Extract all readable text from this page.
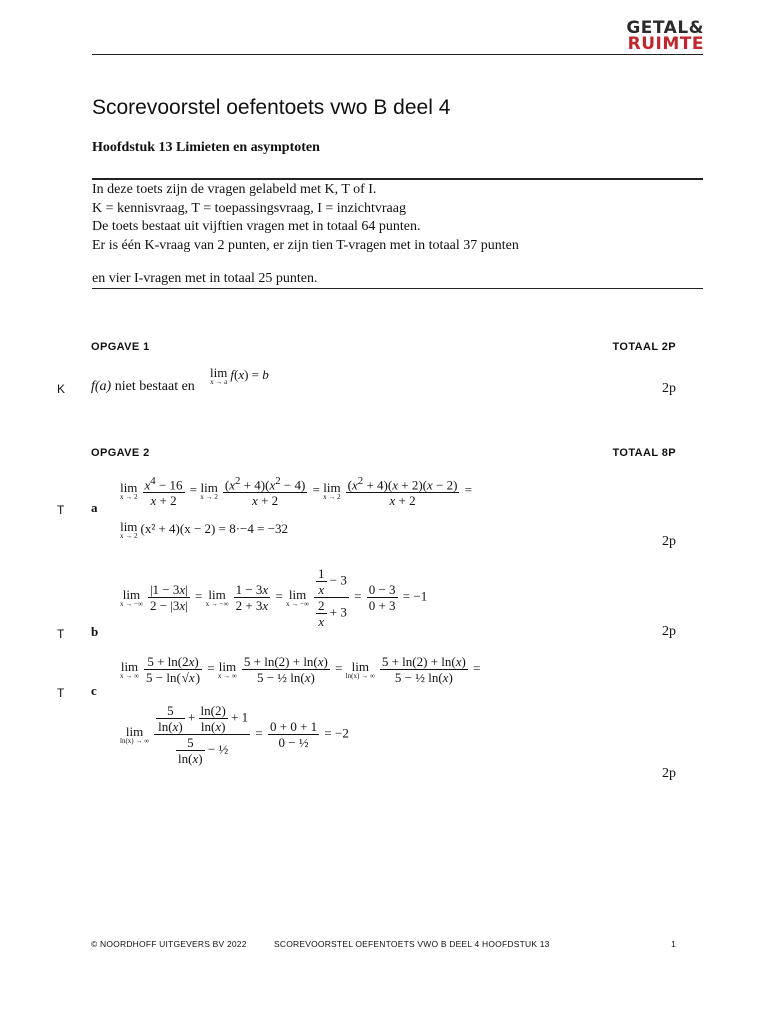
GETAL&
RUIMTE
Scorevoorstel oefentoets vwo B deel 4
Hoofdstuk 13 Limieten en asymptoten
In deze toets zijn de vragen gelabeld met K, T of I.
K = kennisvraag, T = toepassingsvraag, I = inzichtvraag
De toets bestaat uit vijftien vragen met in totaal 64 punten.
Er is één K-vraag van 2 punten, er zijn tien T-vragen met in totaal 37 punten
en vier I-vragen met in totaal 25 punten.
OPGAVE 1	TOTAAL 2P
K f(a) niet bestaat en
lim
x → a
f(x) = b
2p
OPGAVE 2	TOTAAL 8P
T a
lim
$x \to 2 \frac{x^4 - 16}{x + 2} = \lim$
$x \to 2 \frac{(x^2 + 4)(x^2 - 4)}{x + 2} = \lim$
$x \to 2 \frac{(x^2 + 4)(x + 2)(x - 2)}{x + 2}$ =
lim
x → 2
(x² + 4)(x − 2) = 8·−4 = −32
2p
lim
x → −∞ $\frac{|1 - 3x|}{2 - |3x|} = \lim$
x → −∞ $\frac{1 - 3x}{2 + 3x} = \lim$
x → −∞ $\frac{\frac{1}{x} - 3}{\frac{2}{x} + 3} = \frac{0 - 3}{0 + 3} = -1$
T b	2p
T c
lim
x → ∞ $\frac{5 + \ln(2x)}{5 - \ln(√x)} = \lim$
x → ∞ $\frac{5 + \ln(2) + \ln(x)}{\text{5 − ½ ln(x)}} = \lim$
ln(x) → ∞ $\frac{5 + \ln(2) + \ln(x)}{\text{5 − ½ ln(x)}}$ =
lim
ln(x) → ∞ $\frac{\frac{5}{\ln(x)} + \frac{\ln(2)}{\ln(x)} + 1}{\frac{5}{\ln(x)} - \frac{1}{2}} = \frac{0 + 0 + 1}{\text{0 − ½}} = -2$
2p
© NOORDHOFF UITGEVERS BV 2022	SCOREVOORSTEL OEFENTOETS VWO B DEEL 4 HOOFDSTUK 13	1
